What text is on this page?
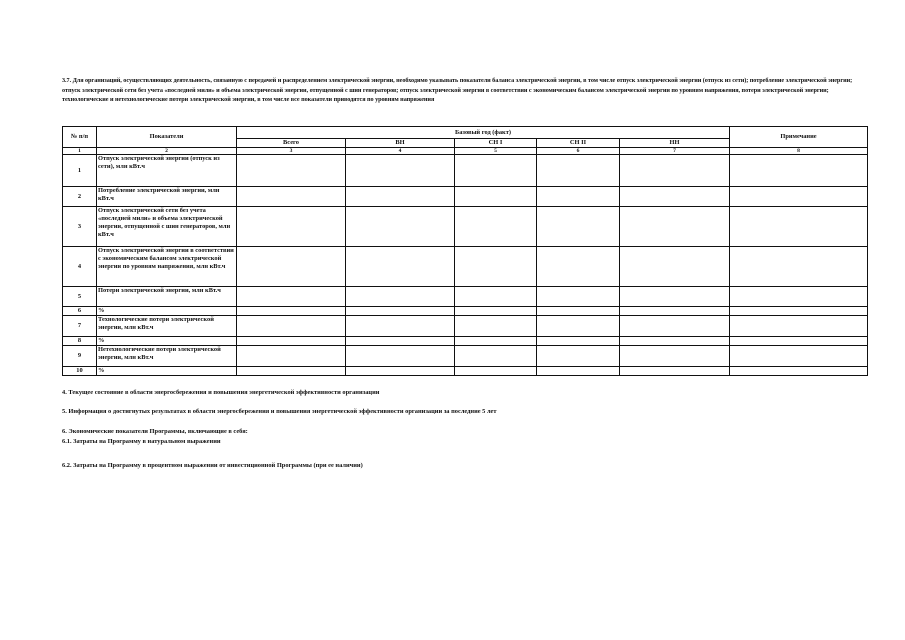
3.7. Для организаций, осуществляющих деятельность, связанную с передачей и распределением электрической энергии, необходимо указывать показатели баланса электрической энергии, в том числе отпуск электрической энергии (отпуск из сети); потребление электрической энергии; отпуск электрической сети без учета «последней мили» и объема электрической энергии, отпущенной с шин генераторов; отпуск электрической энергии в соответствии с экономическим балансом электрической энергии по уровням напряжения, потери электрической энергии; технологические и нетехнологические потери электрической энергии, в том числе все показатели приводятся по уровням напряжения

№ п/п	Показатели	Базовый год (факт)					Примечание
		Всего	ВН	СН I	СН II	НН	
1	2	3	4	5	6	7	8
1	Отпуск электрической энергии (отпуск из сети), млн кВт.ч						
2	Потребление электрической энергии, млн кВт.ч						
3	Отпуск электрической сети без учета «последней мили» и объема электрической энергии, отпущенной с шин генераторов, млн кВт.ч						
4	Отпуск электрической энергии в соответствии с экономическим балансом электрической энергии по уровням напряжения, млн кВт.ч						
5	Потери электрической энергии, млн кВт.ч						
6	%						
7	Технологические потери электрической энергии, млн кВт.ч						
8	%						
9	Нетехнологические потери электрической энергии, млн кВт.ч						
10	%						
4. Текущее состояние в области энергосбережения и повышения энергетической эффективности организации
5. Информация о достигнутых результатах в области энергосбережения и повышения энергетической эффективности организации за последние 5 лет
6. Экономические показатели Программы, включающие в себя:
6.1. Затраты на Программу в натуральном выражении
6.2. Затраты на Программу в процентном выражении от инвестиционной Программы (при ее наличии)
